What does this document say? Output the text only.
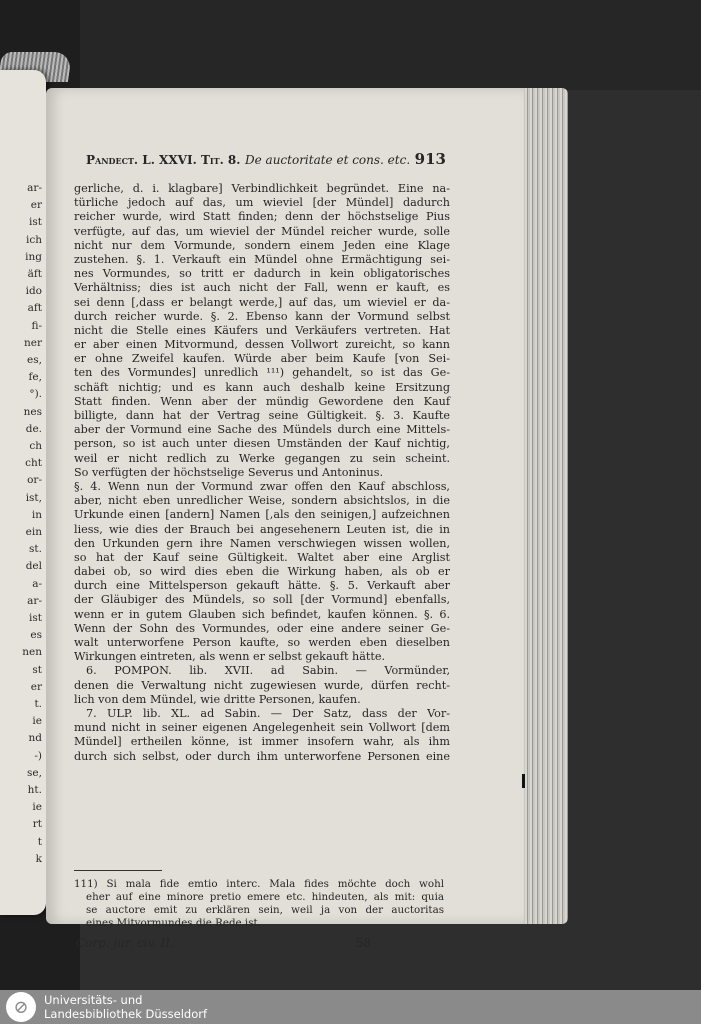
ar-
er
ist
ich
ing
äft
ido
aft
fi-
ner
es,
fe,
°).
nes
de.
ch
cht
or-
ist,
in
ein
st.
del
a-
ar-
ist
es
nen
st
er
t.
ie
nd
-)
se,
ht.
ie
rt
t
k
Pandect. L. XXVI. Tit. 8. De auctoritate et cons. etc. 913
gerliche, d. i. klagbare] Verbindlichkeit begründet. Eine na-
türliche jedoch auf das, um wieviel [der Mündel] dadurch
reicher wurde, wird Statt finden; denn der höchstselige Pius
verfügte, auf das, um wieviel der Mündel reicher wurde, solle
nicht nur dem Vormunde, sondern einem Jeden eine Klage
zustehen. §. 1. Verkauft ein Mündel ohne Ermächtigung sei-
nes Vormundes, so tritt er dadurch in kein obligatorisches
Verhältniss; dies ist auch nicht der Fall, wenn er kauft, es
sei denn [,dass er belangt werde,] auf das, um wieviel er da-
durch reicher wurde. §. 2. Ebenso kann der Vormund selbst
nicht die Stelle eines Käufers und Verkäufers vertreten. Hat
er aber einen Mitvormund, dessen Vollwort zureicht, so kann
er ohne Zweifel kaufen. Würde aber beim Kaufe [von Sei-
ten des Vormundes] unredlich ¹¹¹) gehandelt, so ist das Ge-
schäft nichtig; und es kann auch deshalb keine Ersitzung
Statt finden. Wenn aber der mündig Gewordene den Kauf
billigte, dann hat der Vertrag seine Gültigkeit. §. 3. Kaufte
aber der Vormund eine Sache des Mündels durch eine Mittels-
person, so ist auch unter diesen Umständen der Kauf nichtig,
weil er nicht redlich zu Werke gegangen zu sein scheint.
So verfügten der höchstselige Severus und Antoninus.
§. 4. Wenn nun der Vormund zwar offen den Kauf abschloss,
aber, nicht eben unredlicher Weise, sondern absichtslos, in die
Urkunde einen [andern] Namen [,als den seinigen,] aufzeichnen
liess, wie dies der Brauch bei angesehenern Leuten ist, die in
den Urkunden gern ihre Namen verschwiegen wissen wollen,
so hat der Kauf seine Gültigkeit. Waltet aber eine Arglist
dabei ob, so wird dies eben die Wirkung haben, als ob er
durch eine Mittelsperson gekauft hätte. §. 5. Verkauft aber
der Gläubiger des Mündels, so soll [der Vormund] ebenfalls,
wenn er in gutem Glauben sich befindet, kaufen können. §. 6.
Wenn der Sohn des Vormundes, oder eine andere seiner Ge-
walt unterworfene Person kaufte, so werden eben dieselben
Wirkungen eintreten, als wenn er selbst gekauft hätte.
6. POMPON. lib. XVII. ad Sabin. — Vormünder,
denen die Verwaltung nicht zugewiesen wurde, dürfen recht-
lich von dem Mündel, wie dritte Personen, kaufen.
7. ULP. lib. XL. ad Sabin. — Der Satz, dass der Vor-
mund nicht in seiner eigenen Angelegenheit sein Vollwort [dem
Mündel] ertheilen könne, ist immer insofern wahr, als ihm
durch sich selbst, oder durch ihm unterworfene Personen eine
111) Si mala fide emtio interc. Mala fides möchte doch wohl
eher auf eine minore pretio emere etc. hindeuten, als mit: quia
se auctore emit zu erklären sein, weil ja von der auctoritas
eines Mitvormundes die Rede ist.
Corp. jur. civ. II.	58
⊘	Universitäts- und
Landesbibliothek Düsseldorf
